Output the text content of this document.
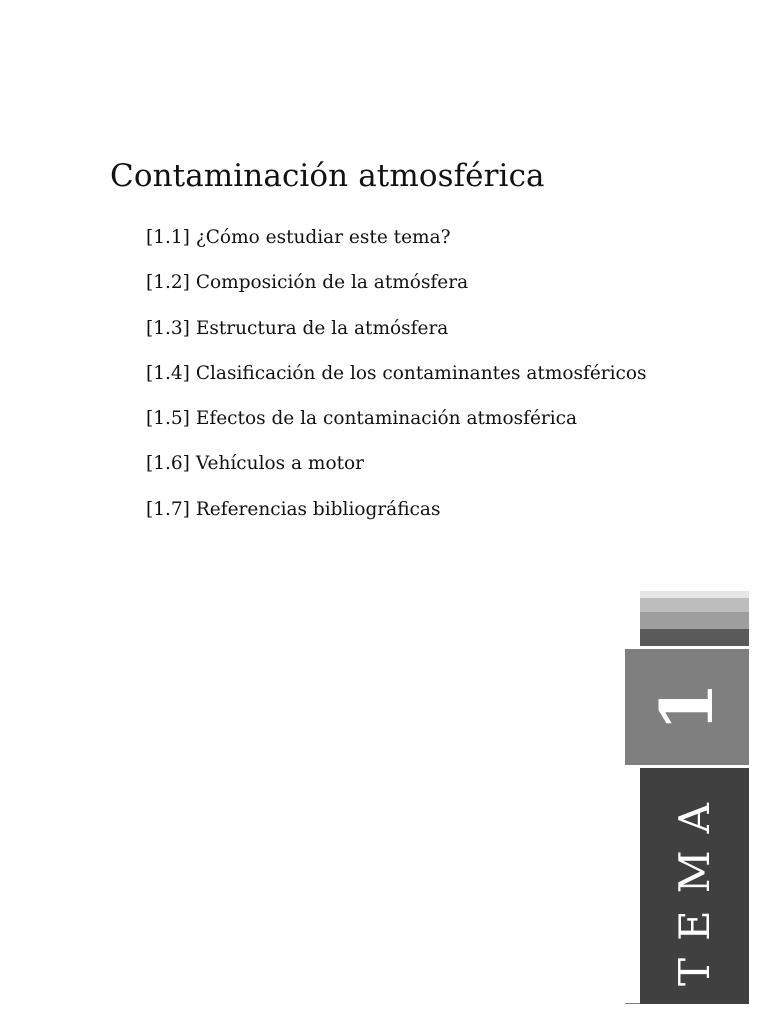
Contaminación atmosférica
[1.1] ¿Cómo estudiar este tema?
[1.2] Composición de la atmósfera
[1.3] Estructura de la atmósfera
[1.4] Clasificación de los contaminantes atmosféricos
[1.5] Efectos de la contaminación atmosférica
[1.6] Vehículos a motor
[1.7] Referencias bibliográficas
1
TEMA
